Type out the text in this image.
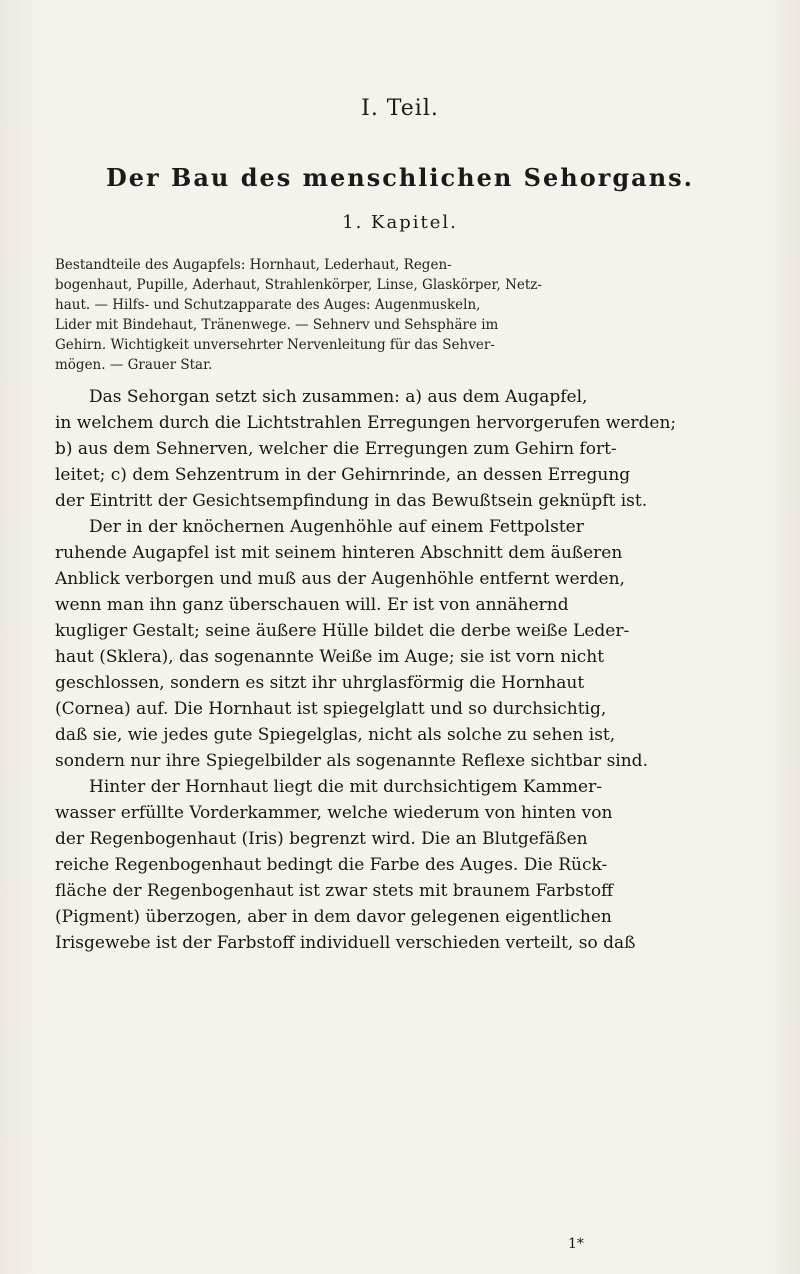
I. Teil.
Der Bau des menschlichen Sehorgans.
1. Kapitel.
Bestandteile des Augapfels: Hornhaut, Lederhaut, Regen-
bogenhaut, Pupille, Aderhaut, Strahlenkörper, Linse, Glaskörper, Netz-
haut. — Hilfs- und Schutzapparate des Auges: Augenmuskeln,
Lider mit Bindehaut, Tränenwege. — Sehnerv und Sehsphäre im
Gehirn. Wichtigkeit unversehrter Nervenleitung für das Sehver-
mögen. — Grauer Star.
Das Sehorgan setzt sich zusammen: a) aus dem Augapfel,
in welchem durch die Lichtstrahlen Erregungen hervorgerufen werden;
b) aus dem Sehnerven, welcher die Erregungen zum Gehirn fort-
leitet; c) dem Sehzentrum in der Gehirnrinde, an dessen Erregung
der Eintritt der Gesichtsempfindung in das Bewußtsein geknüpft ist.
Der in der knöchernen Augenhöhle auf einem Fettpolster
ruhende Augapfel ist mit seinem hinteren Abschnitt dem äußeren
Anblick verborgen und muß aus der Augenhöhle entfernt werden,
wenn man ihn ganz überschauen will. Er ist von annähernd
kugliger Gestalt; seine äußere Hülle bildet die derbe weiße Leder-
haut (Sklera), das sogenannte Weiße im Auge; sie ist vorn nicht
geschlossen, sondern es sitzt ihr uhrglasförmig die Hornhaut
(Cornea) auf. Die Hornhaut ist spiegelglatt und so durchsichtig,
daß sie, wie jedes gute Spiegelglas, nicht als solche zu sehen ist,
sondern nur ihre Spiegelbilder als sogenannte Reflexe sichtbar sind.
Hinter der Hornhaut liegt die mit durchsichtigem Kammer-
wasser erfüllte Vorderkammer, welche wiederum von hinten von
der Regenbogenhaut (Iris) begrenzt wird. Die an Blutgefäßen
reiche Regenbogenhaut bedingt die Farbe des Auges. Die Rück-
fläche der Regenbogenhaut ist zwar stets mit braunem Farbstoff
(Pigment) überzogen, aber in dem davor gelegenen eigentlichen
Irisgewebe ist der Farbstoff individuell verschieden verteilt, so daß
1*
